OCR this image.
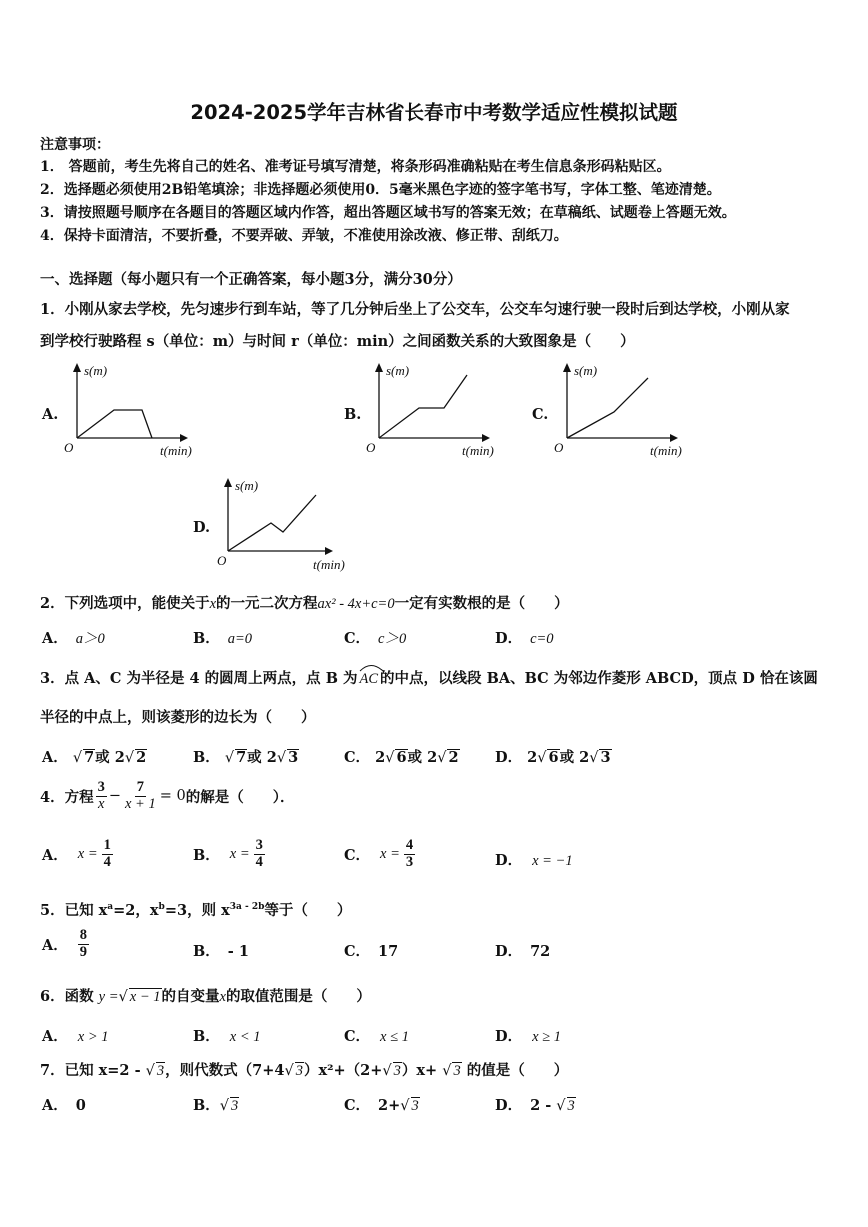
2024-2025学年吉林省长春市中考数学适应性模拟试题
注意事项：
1． 答题前，考生先将自己的姓名、准考证号填写清楚，将条形码准确粘贴在考生信息条形码粘贴区。
2．选择题必须使用2B铅笔填涂；非选择题必须使用0．5毫米黑色字迹的签字笔书写，字体工整、笔迹清楚。
3．请按照题号顺序在各题目的答题区域内作答，超出答题区域书写的答案无效；在草稿纸、试题卷上答题无效。
4．保持卡面清洁，不要折叠，不要弄破、弄皱，不准使用涂改液、修正带、刮纸刀。
一、选择题（每小题只有一个正确答案，每小题3分，满分30分）
1．小刚从家去学校，先匀速步行到车站，等了几分钟后坐上了公交车，公交车匀速行驶一段时后到达学校，小刚从家
到学校行驶路程 s（单位：m）与时间 r（单位：min）之间函数关系的大致图象是（　　）
A.
s(m)
O	t(min)
B.
s(m)
O	t(min)
C.
s(m)
O	t(min)
D.
s(m)
O	t(min)
2．下列选项中，能使关于x的一元二次方程ax² - 4x+c=0一定有实数根的是（　　）
A． a＞0	B． a=0	C． c＞0	D． c=0
3．点 A、C 为半径是 4 的圆周上两点，点 B 为 AC 的中点，以线段 BA、BC 为邻边作菱形 ABCD，顶点 D 恰在该圆
半径的中点上，则该菱形的边长为（　　）
A． √ 7或 2√ 2	B． √ 7或 2√ 3	C． 2√ 6或 2√ 2	D． 2√ 6或 2√ 3
4．方程 $\frac{3}{x} - \frac{7}{x + 1} = 0$ 的解是（　　）．
A． $x = \frac{1}{4}$	B． $x = \frac{3}{4}$	C． $x = \frac{4}{3}$	D． x = −1
5．已知 $x^a=2$，$x^b=3$，则 $x^{3a - 2b}$等于（　　）
A． $\frac{8}{9}$	B． - 1	C． 17	D． 72
6．函数 y =√ x − 1的自变量x的取值范围是（　　）
A． x > 1	B． x < 1	C． x ≤ 1	D． x ≥ 1
7．已知 x=2 - √ 3，则代数式（7+4√ 3）x²+（2+√ 3）x+ √ 3 的值是（　　）
A． 0	B．√ 3	C． 2+√ 3	D． 2 - √ 3
